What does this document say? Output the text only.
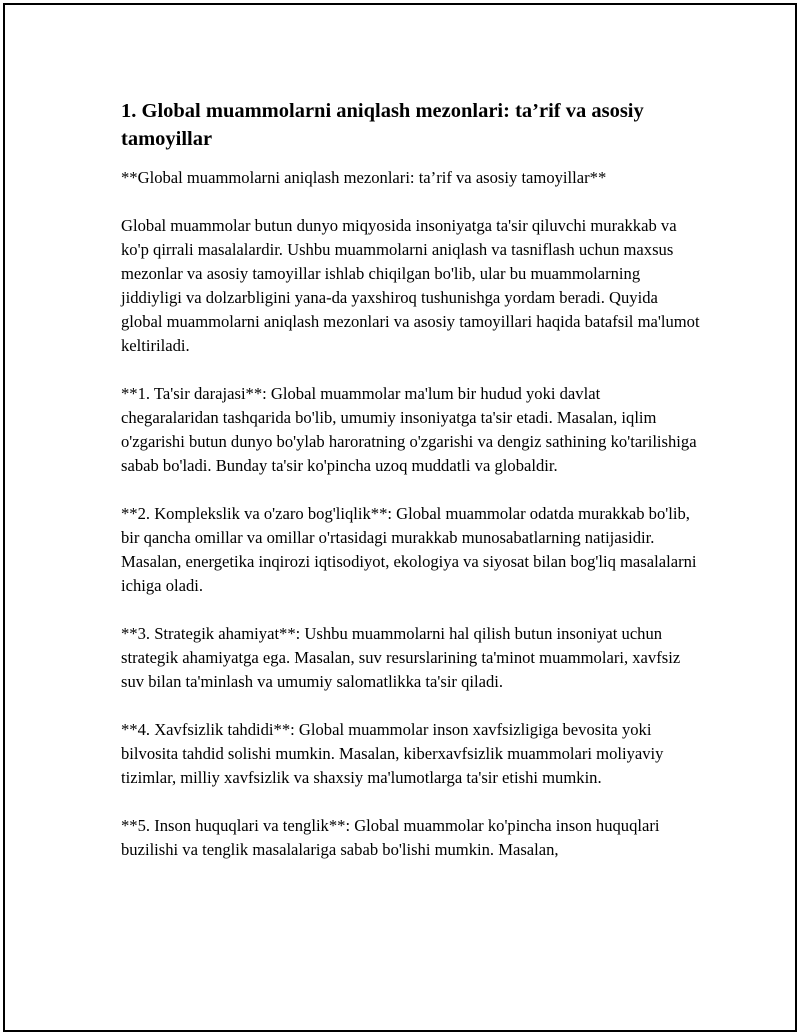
1. Global muammolarni aniqlash mezonlari: ta’rif va asosiy tamoyillar

**Global muammolarni aniqlash mezonlari: ta’rif va asosiy tamoyillar**

Global muammolar butun dunyo miqyosida insoniyatga ta'sir qiluvchi murakkab va ko'p qirrali masalalardir. Ushbu muammolarni aniqlash va tasniflash uchun maxsus mezonlar va asosiy tamoyillar ishlab chiqilgan bo'lib, ular bu muammolarning jiddiyligi va dolzarbligini yana-da yaxshiroq tushunishga yordam beradi. Quyida global muammolarni aniqlash mezonlari va asosiy tamoyillari haqida batafsil ma'lumot keltiriladi.

**1. Ta'sir darajasi**: Global muammolar ma'lum bir hudud yoki davlat chegaralaridan tashqarida bo'lib, umumiy insoniyatga ta'sir etadi. Masalan, iqlim o'zgarishi butun dunyo bo'ylab haroratning o'zgarishi va dengiz sathining ko'tarilishiga sabab bo'ladi. Bunday ta'sir ko'pincha uzoq muddatli va globaldir.

**2. Komplekslik va o'zaro bog'liqlik**: Global muammolar odatda murakkab bo'lib, bir qancha omillar va omillar o'rtasidagi murakkab munosabatlarning natijasidir. Masalan, energetika inqirozi iqtisodiyot, ekologiya va siyosat bilan bog'liq masalalarni ichiga oladi.

**3. Strategik ahamiyat**: Ushbu muammolarni hal qilish butun insoniyat uchun strategik ahamiyatga ega. Masalan, suv resurslarining ta'minot muammolari, xavfsiz suv bilan ta'minlash va umumiy salomatlikka ta'sir qiladi.

**4. Xavfsizlik tahdidi**: Global muammolar inson xavfsizligiga bevosita yoki bilvosita tahdid solishi mumkin. Masalan, kiberxavfsizlik muammolari moliyaviy tizimlar, milliy xavfsizlik va shaxsiy ma'lumotlarga ta'sir etishi mumkin.

**5. Inson huquqlari va tenglik**: Global muammolar ko'pincha inson huquqlari buzilishi va tenglik masalalariga sabab bo'lishi mumkin. Masalan,
